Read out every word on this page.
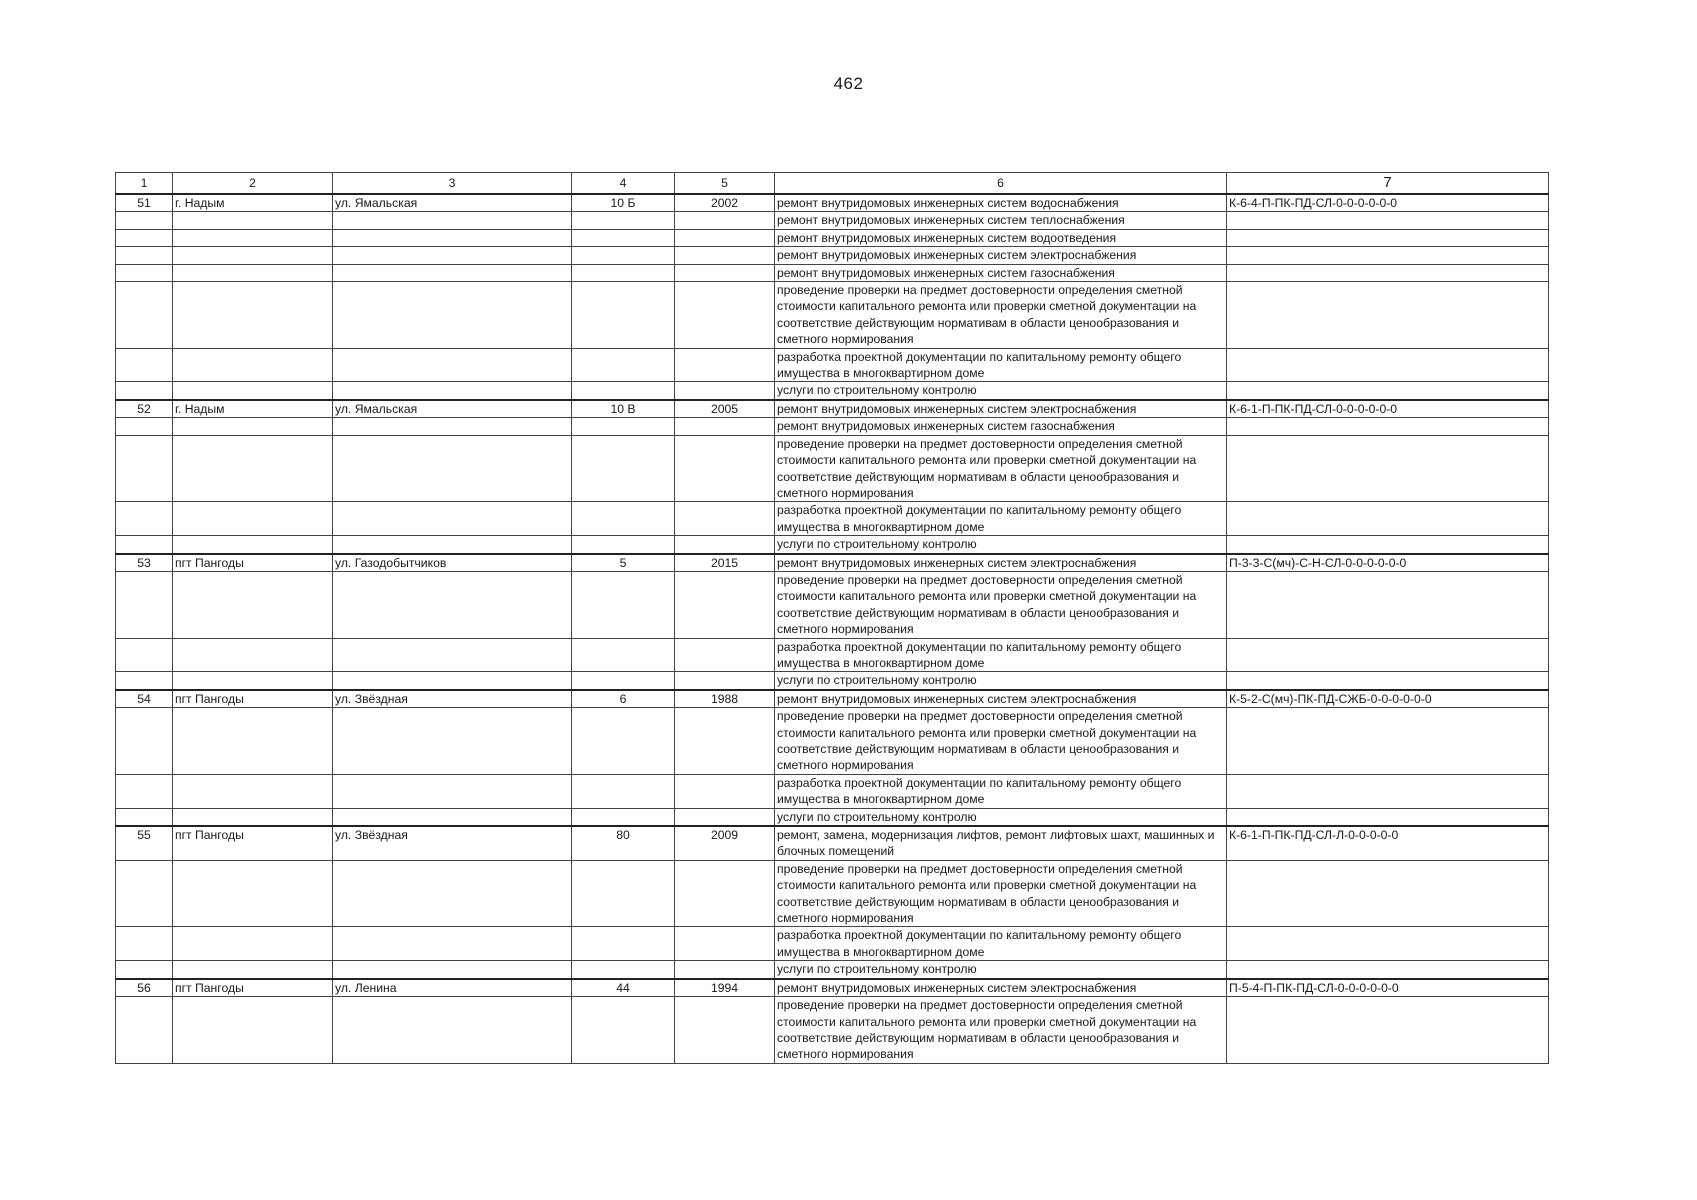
462
1	2	3	4	5	6	7
51	г. Надым	ул. Ямальская	10 Б	2002	ремонт внутридомовых инженерных систем водоснабжения	К-6-4-П-ПК-ПД-СЛ-0-0-0-0-0-0
					ремонт внутридомовых инженерных систем теплоснабжения	
					ремонт внутридомовых инженерных систем водоотведения	
					ремонт внутридомовых инженерных систем электроснабжения	
					ремонт внутридомовых инженерных систем газоснабжения	
					проведение проверки на предмет достоверности определения сметной стоимости капитального ремонта или проверки сметной документации на соответствие действующим нормативам в области ценообразования и сметного нормирования	
					разработка проектной документации по капитальному ремонту общего имущества в многоквартирном доме	
					услуги по строительному контролю	
52	г. Надым	ул. Ямальская	10 В	2005	ремонт внутридомовых инженерных систем электроснабжения	К-6-1-П-ПК-ПД-СЛ-0-0-0-0-0-0
					ремонт внутридомовых инженерных систем газоснабжения	
					проведение проверки на предмет достоверности определения сметной стоимости капитального ремонта или проверки сметной документации на соответствие действующим нормативам в области ценообразования и сметного нормирования	
					разработка проектной документации по капитальному ремонту общего имущества в многоквартирном доме	
					услуги по строительному контролю	
53	пгт Пангоды	ул. Газодобытчиков	5	2015	ремонт внутридомовых инженерных систем электроснабжения	П-3-3-С(мч)-С-Н-СЛ-0-0-0-0-0-0
					проведение проверки на предмет достоверности определения сметной стоимости капитального ремонта или проверки сметной документации на соответствие действующим нормативам в области ценообразования и сметного нормирования	
					разработка проектной документации по капитальному ремонту общего имущества в многоквартирном доме	
					услуги по строительному контролю	
54	пгт Пангоды	ул. Звёздная	6	1988	ремонт внутридомовых инженерных систем электроснабжения	К-5-2-С(мч)-ПК-ПД-СЖБ-0-0-0-0-0-0
					проведение проверки на предмет достоверности определения сметной стоимости капитального ремонта или проверки сметной документации на соответствие действующим нормативам в области ценообразования и сметного нормирования	
					разработка проектной документации по капитальному ремонту общего имущества в многоквартирном доме	
					услуги по строительному контролю	
55	пгт Пангоды	ул. Звёздная	80	2009	ремонт, замена, модернизация лифтов, ремонт лифтовых шахт, машинных и блочных помещений	К-6-1-П-ПК-ПД-СЛ-Л-0-0-0-0-0
					проведение проверки на предмет достоверности определения сметной стоимости капитального ремонта или проверки сметной документации на соответствие действующим нормативам в области ценообразования и сметного нормирования	
					разработка проектной документации по капитальному ремонту общего имущества в многоквартирном доме	
					услуги по строительному контролю	
56	пгт Пангоды	ул. Ленина	44	1994	ремонт внутридомовых инженерных систем электроснабжения	П-5-4-П-ПК-ПД-СЛ-0-0-0-0-0-0
					проведение проверки на предмет достоверности определения сметной стоимости капитального ремонта или проверки сметной документации на соответствие действующим нормативам в области ценообразования и сметного нормирования	
